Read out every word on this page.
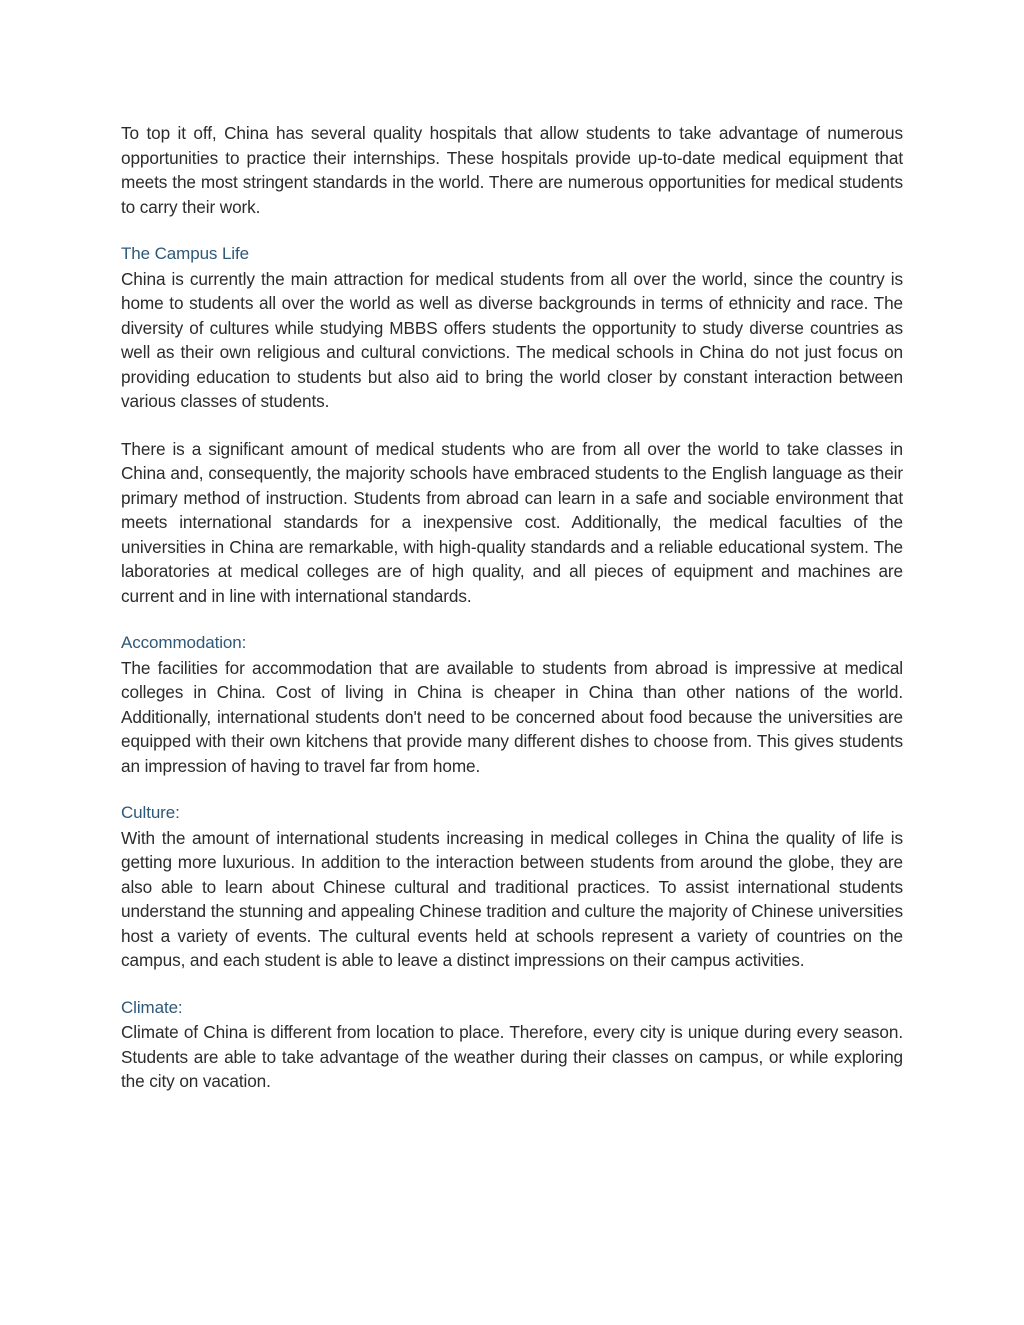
To top it off, China has several quality hospitals that allow students to take advantage of numerous opportunities to practice their internships. These hospitals provide up-to-date medical equipment that meets the most stringent standards in the world. There are numerous opportunities for medical students to carry their work.

The Campus Life

China is currently the main attraction for medical students from all over the world, since the country is home to students all over the world as well as diverse backgrounds in terms of ethnicity and race. The diversity of cultures while studying MBBS offers students the opportunity to study diverse countries as well as their own religious and cultural convictions. The medical schools in China do not just focus on providing education to students but also aid to bring the world closer by constant interaction between various classes of students.

There is a significant amount of medical students who are from all over the world to take classes in China and, consequently, the majority schools have embraced students to the English language as their primary method of instruction. Students from abroad can learn in a safe and sociable environment that meets international standards for a inexpensive cost. Additionally, the medical faculties of the universities in China are remarkable, with high-quality standards and a reliable educational system. The laboratories at medical colleges are of high quality, and all pieces of equipment and machines are current and in line with international standards.

Accommodation:

The facilities for accommodation that are available to students from abroad is impressive at medical colleges in China. Cost of living in China is cheaper in China than other nations of the world. Additionally, international students don't need to be concerned about food because the universities are equipped with their own kitchens that provide many different dishes to choose from. This gives students an impression of having to travel far from home.

Culture:

With the amount of international students increasing in medical colleges in China the quality of life is getting more luxurious. In addition to the interaction between students from around the globe, they are also able to learn about Chinese cultural and traditional practices. To assist international students understand the stunning and appealing Chinese tradition and culture the majority of Chinese universities host a variety of events. The cultural events held at schools represent a variety of countries on the campus, and each student is able to leave a distinct impressions on their campus activities.

Climate:

Climate of China is different from location to place. Therefore, every city is unique during every season. Students are able to take advantage of the weather during their classes on campus, or while exploring the city on vacation.
